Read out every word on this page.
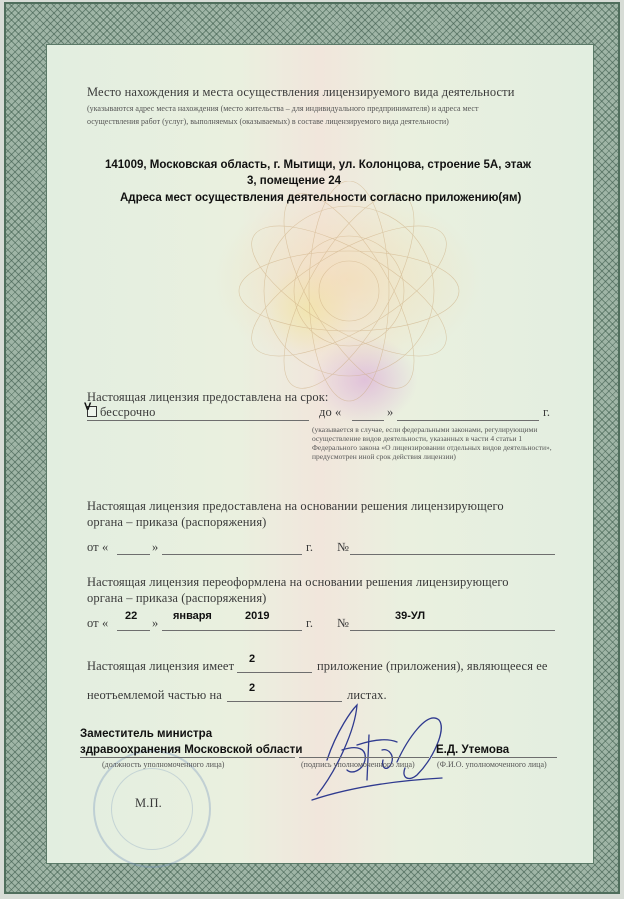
Место нахождения и места осуществления лицензируемого вида деятельности
(указываются адрес места нахождения (место жительства – для индивидуального предпринимателя) и адреса мест
осуществления работ (услуг), выполняемых (оказываемых) в составе лицензируемого вида деятельности)
141009, Московская область, г. Мытищи, ул. Колонцова, строение 5А, этаж
3, помещение 24
Адреса мест осуществления деятельности согласно приложению(ям)
Настоящая лицензия предоставлена на срок:
V бессрочно	до «	»	г.
(указывается в случае, если федеральными законами, регулирующими осуществление видов деятельности, указанных в части 4 статьи 1 Федерального закона «О лицензировании отдельных видов деятельности», предусмотрен иной срок действия лицензии)
Настоящая лицензия предоставлена на основании решения лицензирующего
органа – приказа (распоряжения)
от «	»	г. №
Настоящая лицензия переоформлена на основании решения лицензирующего
органа – приказа (распоряжения)
от « 22 » января	2019	г. №	39-УЛ
Настоящая лицензия имеет 2	приложение (приложения), являющееся ее
неотъемлемой частью на 2	листах.
Заместитель министра
здравоохранения Московской области
(должность уполномоченного лица)	(подпись уполномоченного лица)
Е.Д. Утемова
(Ф.И.О. уполномоченного лица)
М.П.
